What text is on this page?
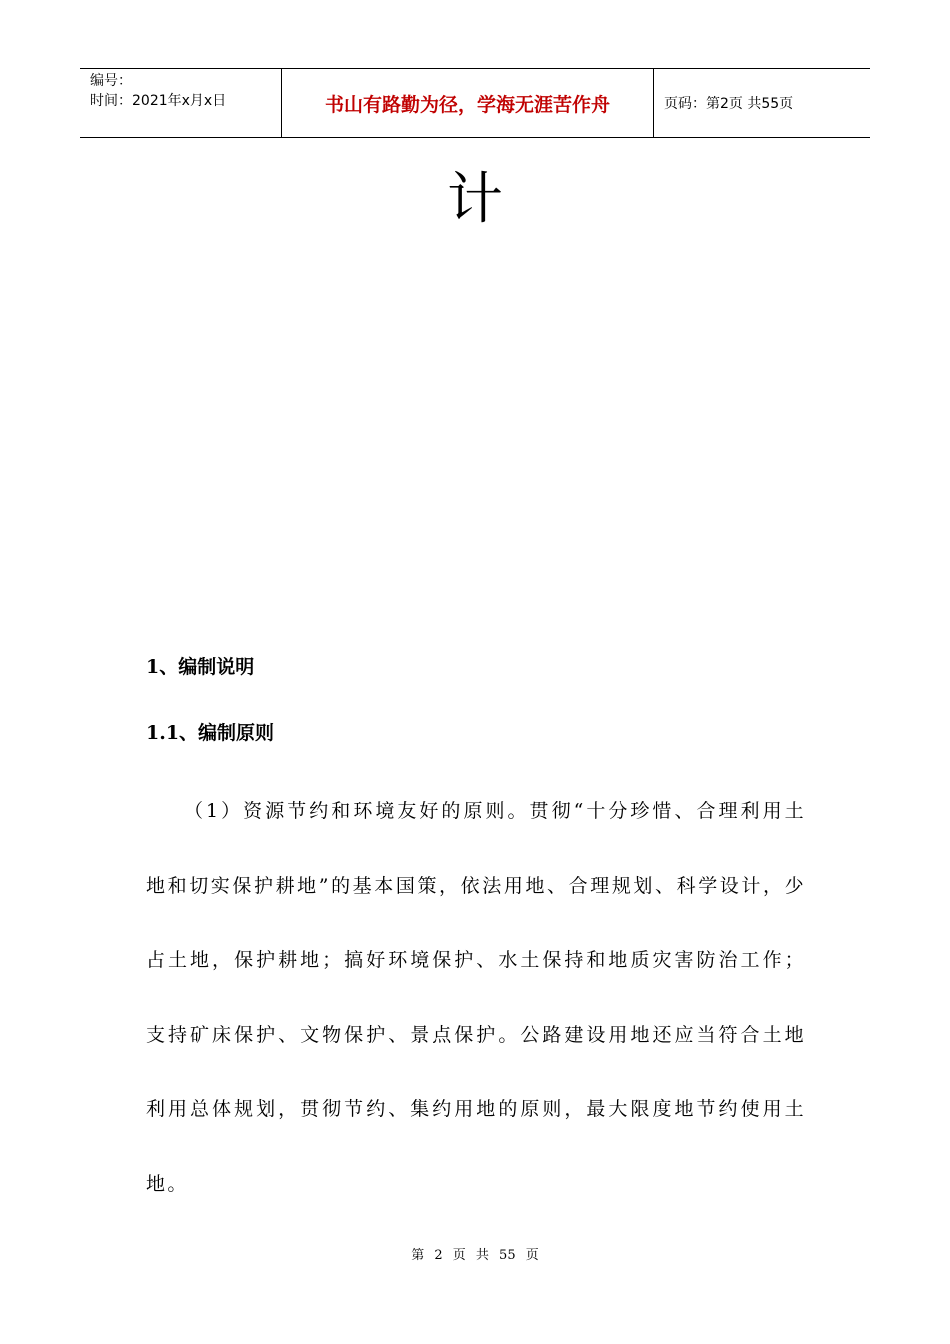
编号：
时间：2021年x月x日	书山有路勤为径，学海无涯苦作舟	页码：第2页 共55页
计
1、编制说明
1.1、编制原则

（1）资源节约和环境友好的原则。贯彻“十分珍惜、合理利用土地和切实保护耕地”的基本国策，依法用地、合理规划、科学设计，少占土地，保护耕地；搞好环境保护、水土保持和地质灾害防治工作；支持矿床保护、文物保护、景点保护。公路建设用地还应当符合土地利用总体规划，贯彻节约、集约用地的原则，最大限度地节约使用土地。

第 2 页 共 55 页
